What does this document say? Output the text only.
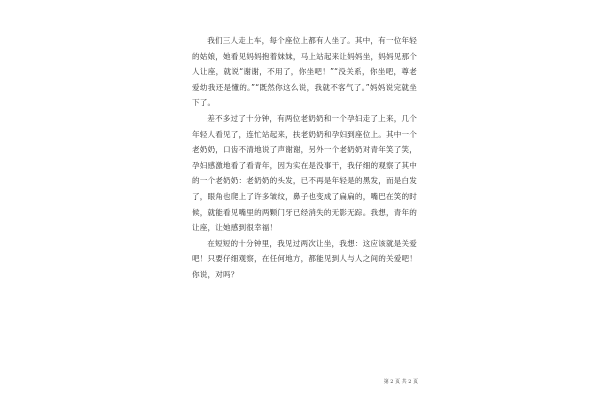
我们三人走上车，每个座位上都有人坐了。其中，有一位年轻的姑娘，她看见妈妈抱着妹妹，马上站起来让妈妈坐，妈妈见那个人让座，就说“谢谢，不用了，你坐吧！”“没关系，你坐吧，尊老爱幼我还是懂的。”“既然你这么说，我就不客气了。”妈妈说完就坐下了。

差不多过了十分钟，有两位老奶奶和一个孕妇走了上来，几个年轻人看见了，连忙站起来，扶老奶奶和孕妇到座位上。其中一个老奶奶，口齿不清地说了声谢谢，另外一个老奶奶对青年笑了笑，孕妇感激地看了看青年，因为实在是没事干，我仔细的观察了其中的一个老奶奶：老奶奶的头发，已不再是年轻是的黑发，而是白发了，眼角也爬上了许多皱纹，鼻子也变成了扁扁的，嘴巴在笑的时候，就能看见嘴里的两颗门牙已经消失的无影无踪。我想，青年的让座，让她感到很幸福！

在短短的十分钟里，我见过两次让坐，我想：这应该就是关爱吧！只要仔细观察，在任何地方，都能见到人与人之间的关爱吧！你说，对吗？

第 2 页 共 2 页
